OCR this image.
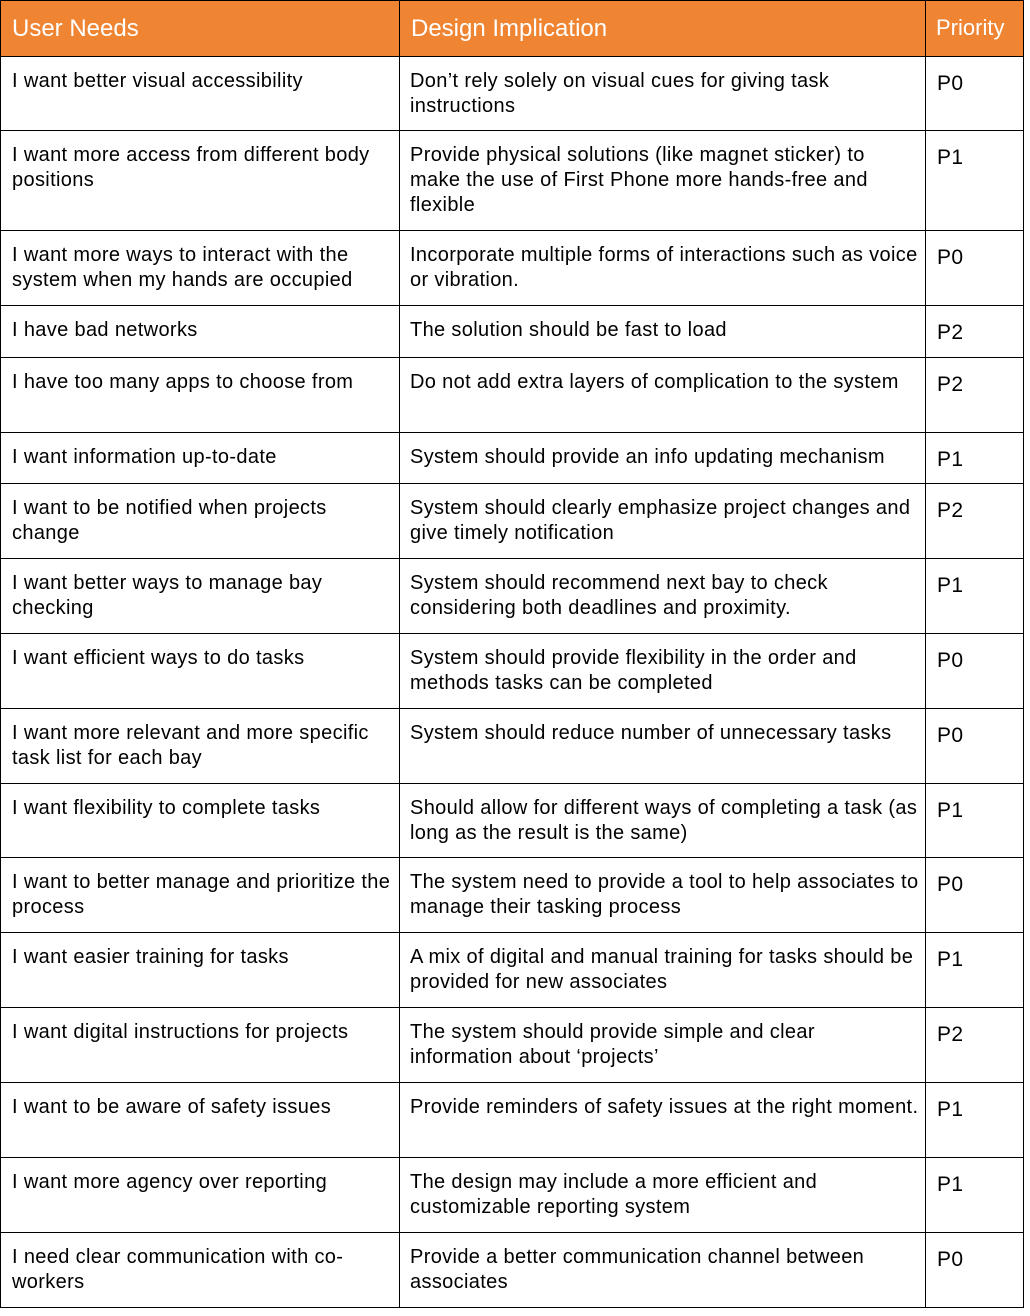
User Needs	Design Implication	Priority
I want better visual accessibility	Don’t rely solely on visual cues for giving task instructions	P0
I want more access from different body positions	Provide physical solutions (like magnet sticker) to make the use of First Phone more hands-free and flexible	P1
I want more ways to interact with the system when my hands are occupied	Incorporate multiple forms of interactions such as voice or vibration.	P0
I have bad networks	The solution should be fast to load	P2
I have too many apps to choose from	Do not add extra layers of complication to the system	P2
I want information up-to-date	System should provide an info updating mechanism	P1
I want to be notified when projects change	System should clearly emphasize project changes and give timely notification	P2
I want better ways to manage bay checking	System should recommend next bay to check considering both deadlines and proximity.	P1
I want efficient ways to do tasks	System should provide flexibility in the order and methods tasks can be completed	P0
I want more relevant and more specific task list for each bay	System should reduce number of unnecessary tasks	P0
I want flexibility to complete tasks	Should allow for different ways of completing a task (as long as the result is the same)	P1
I want to better manage and prioritize the process	The system need to provide a tool to help associates to manage their tasking process	P0
I want easier training for tasks	A mix of digital and manual training for tasks should be provided for new associates	P1
I want digital instructions for projects	The system should provide simple and clear information about ‘projects’	P2
I want to be aware of safety issues	Provide reminders of safety issues at the right moment.	P1
I want more agency over reporting	The design may include a more efficient and customizable reporting system	P1
I need clear communication with co-workers	Provide a better communication channel between associates	P0
